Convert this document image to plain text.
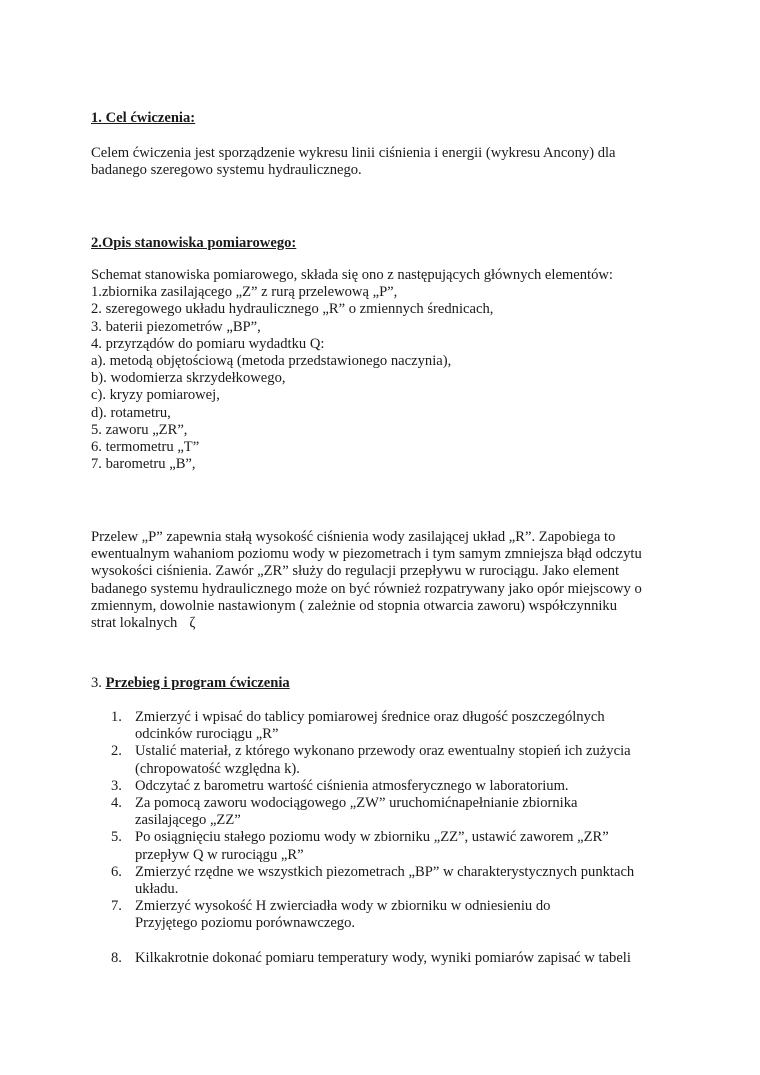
1. Cel ćwiczenia:
Celem ćwiczenia jest sporządzenie wykresu linii ciśnienia i energii (wykresu Ancony) dla
badanego szeregowo systemu hydraulicznego.
2.Opis stanowiska pomiarowego:
Schemat stanowiska pomiarowego, składa się ono z następujących głównych elementów:
1.zbiornika zasilającego „Z” z rurą przelewową „P”,
2. szeregowego układu hydraulicznego „R” o zmiennych średnicach,
3. baterii piezometrów „BP”,
4. przyrządów do pomiaru wydadtku Q:
a). metodą objętościową (metoda przedstawionego naczynia),
b). wodomierza skrzydełkowego,
c). kryzy pomiarowej,
d). rotametru,
5. zaworu „ZR”,
6. termometru „T”
7. barometru „B”,
Przelew „P” zapewnia stałą wysokość ciśnienia wody zasilającej układ „R”. Zapobiega to
ewentualnym wahaniom poziomu wody w piezometrach i tym samym zmniejsza błąd odczytu
wysokości ciśnienia. Zawór „ZR” służy do regulacji przepływu w rurociągu. Jako element
badanego systemu hydraulicznego może on być również rozpatrywany jako opór miejscowy o
zmiennym, dowolnie nastawionym ( zależnie od stopnia otwarcia zaworu) współczynniku
strat lokalnych ζ
3. Przebieg i program ćwiczenia
1. Zmierzyć i wpisać do tablicy pomiarowej średnice oraz długość poszczególnych
odcinków rurociągu „R”
2. Ustalić materiał, z którego wykonano przewody oraz ewentualny stopień ich zużycia
(chropowatość względna k).
3. Odczytać z barometru wartość ciśnienia atmosferycznego w laboratorium.
4. Za pomocą zaworu wodociągowego „ZW” uruchomićnapełnianie zbiornika
zasilającego „ZZ”
5. Po osiągnięciu stałego poziomu wody w zbiorniku „ZZ”, ustawić zaworem „ZR”
przepływ Q w rurociągu „R”
6. Zmierzyć rzędne we wszystkich piezometrach „BP” w charakterystycznych punktach
układu.
7. Zmierzyć wysokość H zwierciadła wody w zbiorniku w odniesieniu do
Przyjętego poziomu porównawczego.
8. Kilkakrotnie dokonać pomiaru temperatury wody, wyniki pomiarów zapisać w tabeli
